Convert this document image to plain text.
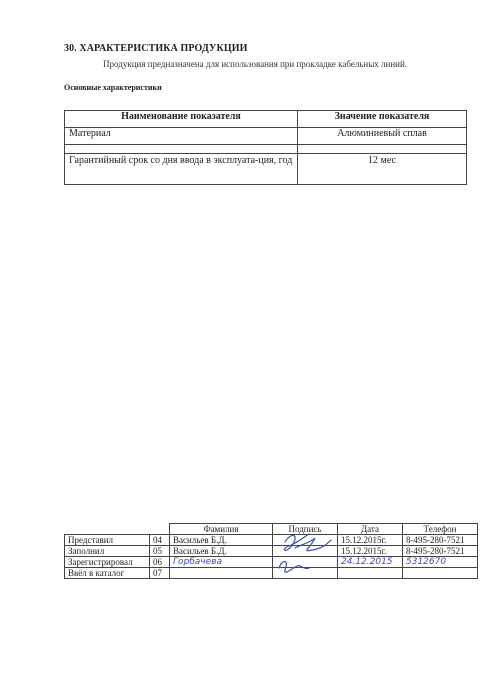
30. ХАРАКТЕРИСТИКА ПРОДУКЦИИ
Продукция предназначена для использования при прокладке кабельных линий.
Основные характеристики
Наименование показателя	Значение показателя
Материал	Алюминиевый сплав

Гарантийный срок со дня ввода в эксплуата-ция, год	12 мес
		Фамилия	Подпись	Дата	Телефон
Представил	04	Васильев Б.Д.		15.12.2015г.	8-495-280-7521
Заполнил	05	Васильев Б.Д.		15.12.2015г.	8-495-280-7521
Зарегистрировал	06	Горбачева		24.12.2015	5312670
Ввёл в каталог	07				
